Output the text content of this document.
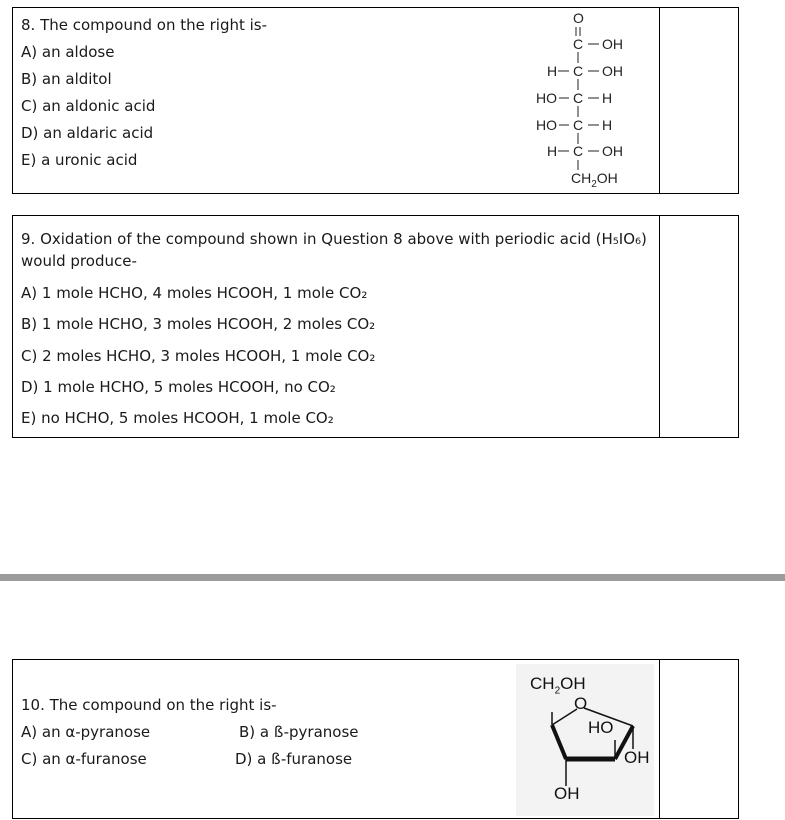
8. The compound on the right is-
A) an aldose
B) an alditol
C) an aldonic acid
D) an aldaric acid
E) a uronic acid
O
C OH
H C OH
HO C H
HO C H
H C OH
$CH_2OH$
9. Oxidation of the compound shown in Question 8 above with periodic acid (H₅IO₆)
would produce-
A) 1 mole HCHO, 4 moles HCOOH, 1 mole CO₂
B) 1 mole HCHO, 3 moles HCOOH, 2 moles CO₂
C) 2 moles HCHO, 3 moles HCOOH, 1 mole CO₂
D) 1 mole HCHO, 5 moles HCOOH, no CO₂
E) no HCHO, 5 moles HCOOH, 1 mole CO₂
10. The compound on the right is-
A) an α-pyranose	B) a ß-pyranose
C) an α-furanose	D) a ß-furanose
$CH_2OH$
O
HO
OH
OH
